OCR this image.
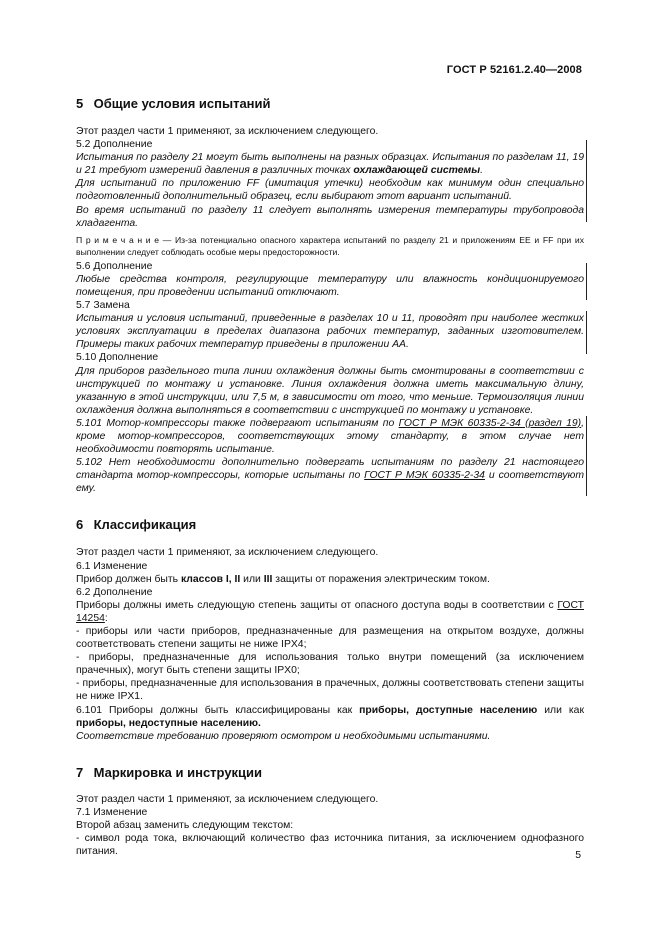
ГОСТ Р 52161.2.40—2008
5 Общие условия испытаний

Этот раздел части 1 применяют, за исключением следующего.

5.2 Дополнение

Испытания по разделу 21 могут быть выполнены на разных образцах. Испытания по разделам 11, 19 и 21 требуют измерений давления в различных точках охлаждающей системы.

Для испытаний по приложению FF (имитация утечки) необходим как минимум один специально подготовленный дополнительный образец, если выбирают этот вариант испытаний.

Во время испытаний по разделу 11 следует выполнять измерения температуры трубопровода хладагента.

П р и м е ч а н и е — Из-за потенциально опасного характера испытаний по разделу 21 и приложениям ЕЕ и FF при их выполнении следует соблюдать особые меры предосторожности.

5.6 Дополнение

Любые средства контроля, регулирующие температуру или влажность кондиционируемого помещения, при проведении испытаний отключают.

5.7 Замена

Испытания и условия испытаний, приведенные в разделах 10 и 11, проводят при наиболее жестких условиях эксплуатации в пределах диапазона рабочих температур, заданных изготовителем. Примеры таких рабочих температур приведены в приложении АА.

5.10 Дополнение

Для приборов раздельного типа линии охлаждения должны быть смонтированы в соответствии с инструкцией по монтажу и установке. Линия охлаждения должна иметь максимальную длину, указанную в этой инструкции, или 7,5 м, в зависимости от того, что меньше. Термоизоляция линии охлаждения должна выполняться в соответствии с инструкцией по монтажу и установке.

5.101 Мотор-компрессоры также подвергают испытаниям по ГОСТ Р МЭК 60335-2-34 (раздел 19), кроме мотор-компрессоров, соответствующих этому стандарту, в этом случае нет необходимости повторять испытание.

5.102 Нет необходимости дополнительно подвергать испытаниям по разделу 21 настоящего стандарта мотор-компрессоры, которые испытаны по ГОСТ Р МЭК 60335-2-34 и соответствуют ему.

6 Классификация

Этот раздел части 1 применяют, за исключением следующего.

6.1 Изменение

Прибор должен быть классов I, II или III защиты от поражения электрическим током.

6.2 Дополнение

Приборы должны иметь следующую степень защиты от опасного доступа воды в соответствии с ГОСТ 14254:

- приборы или части приборов, предназначенные для размещения на открытом воздухе, должны соответствовать степени защиты не ниже IPX4;

- приборы, предназначенные для использования только внутри помещений (за исключением прачечных), могут быть степени защиты IPX0;

- приборы, предназначенные для использования в прачечных, должны соответствовать степени защиты не ниже IPX1.

6.101 Приборы должны быть классифицированы как приборы, доступные населению или как приборы, недоступные населению.

Соответствие требованию проверяют осмотром и необходимыми испытаниями.

7 Маркировка и инструкции

Этот раздел части 1 применяют, за исключением следующего.

7.1 Изменение

Второй абзац заменить следующим текстом:

- символ рода тока, включающий количество фаз источника питания, за исключением однофазного питания.	5
